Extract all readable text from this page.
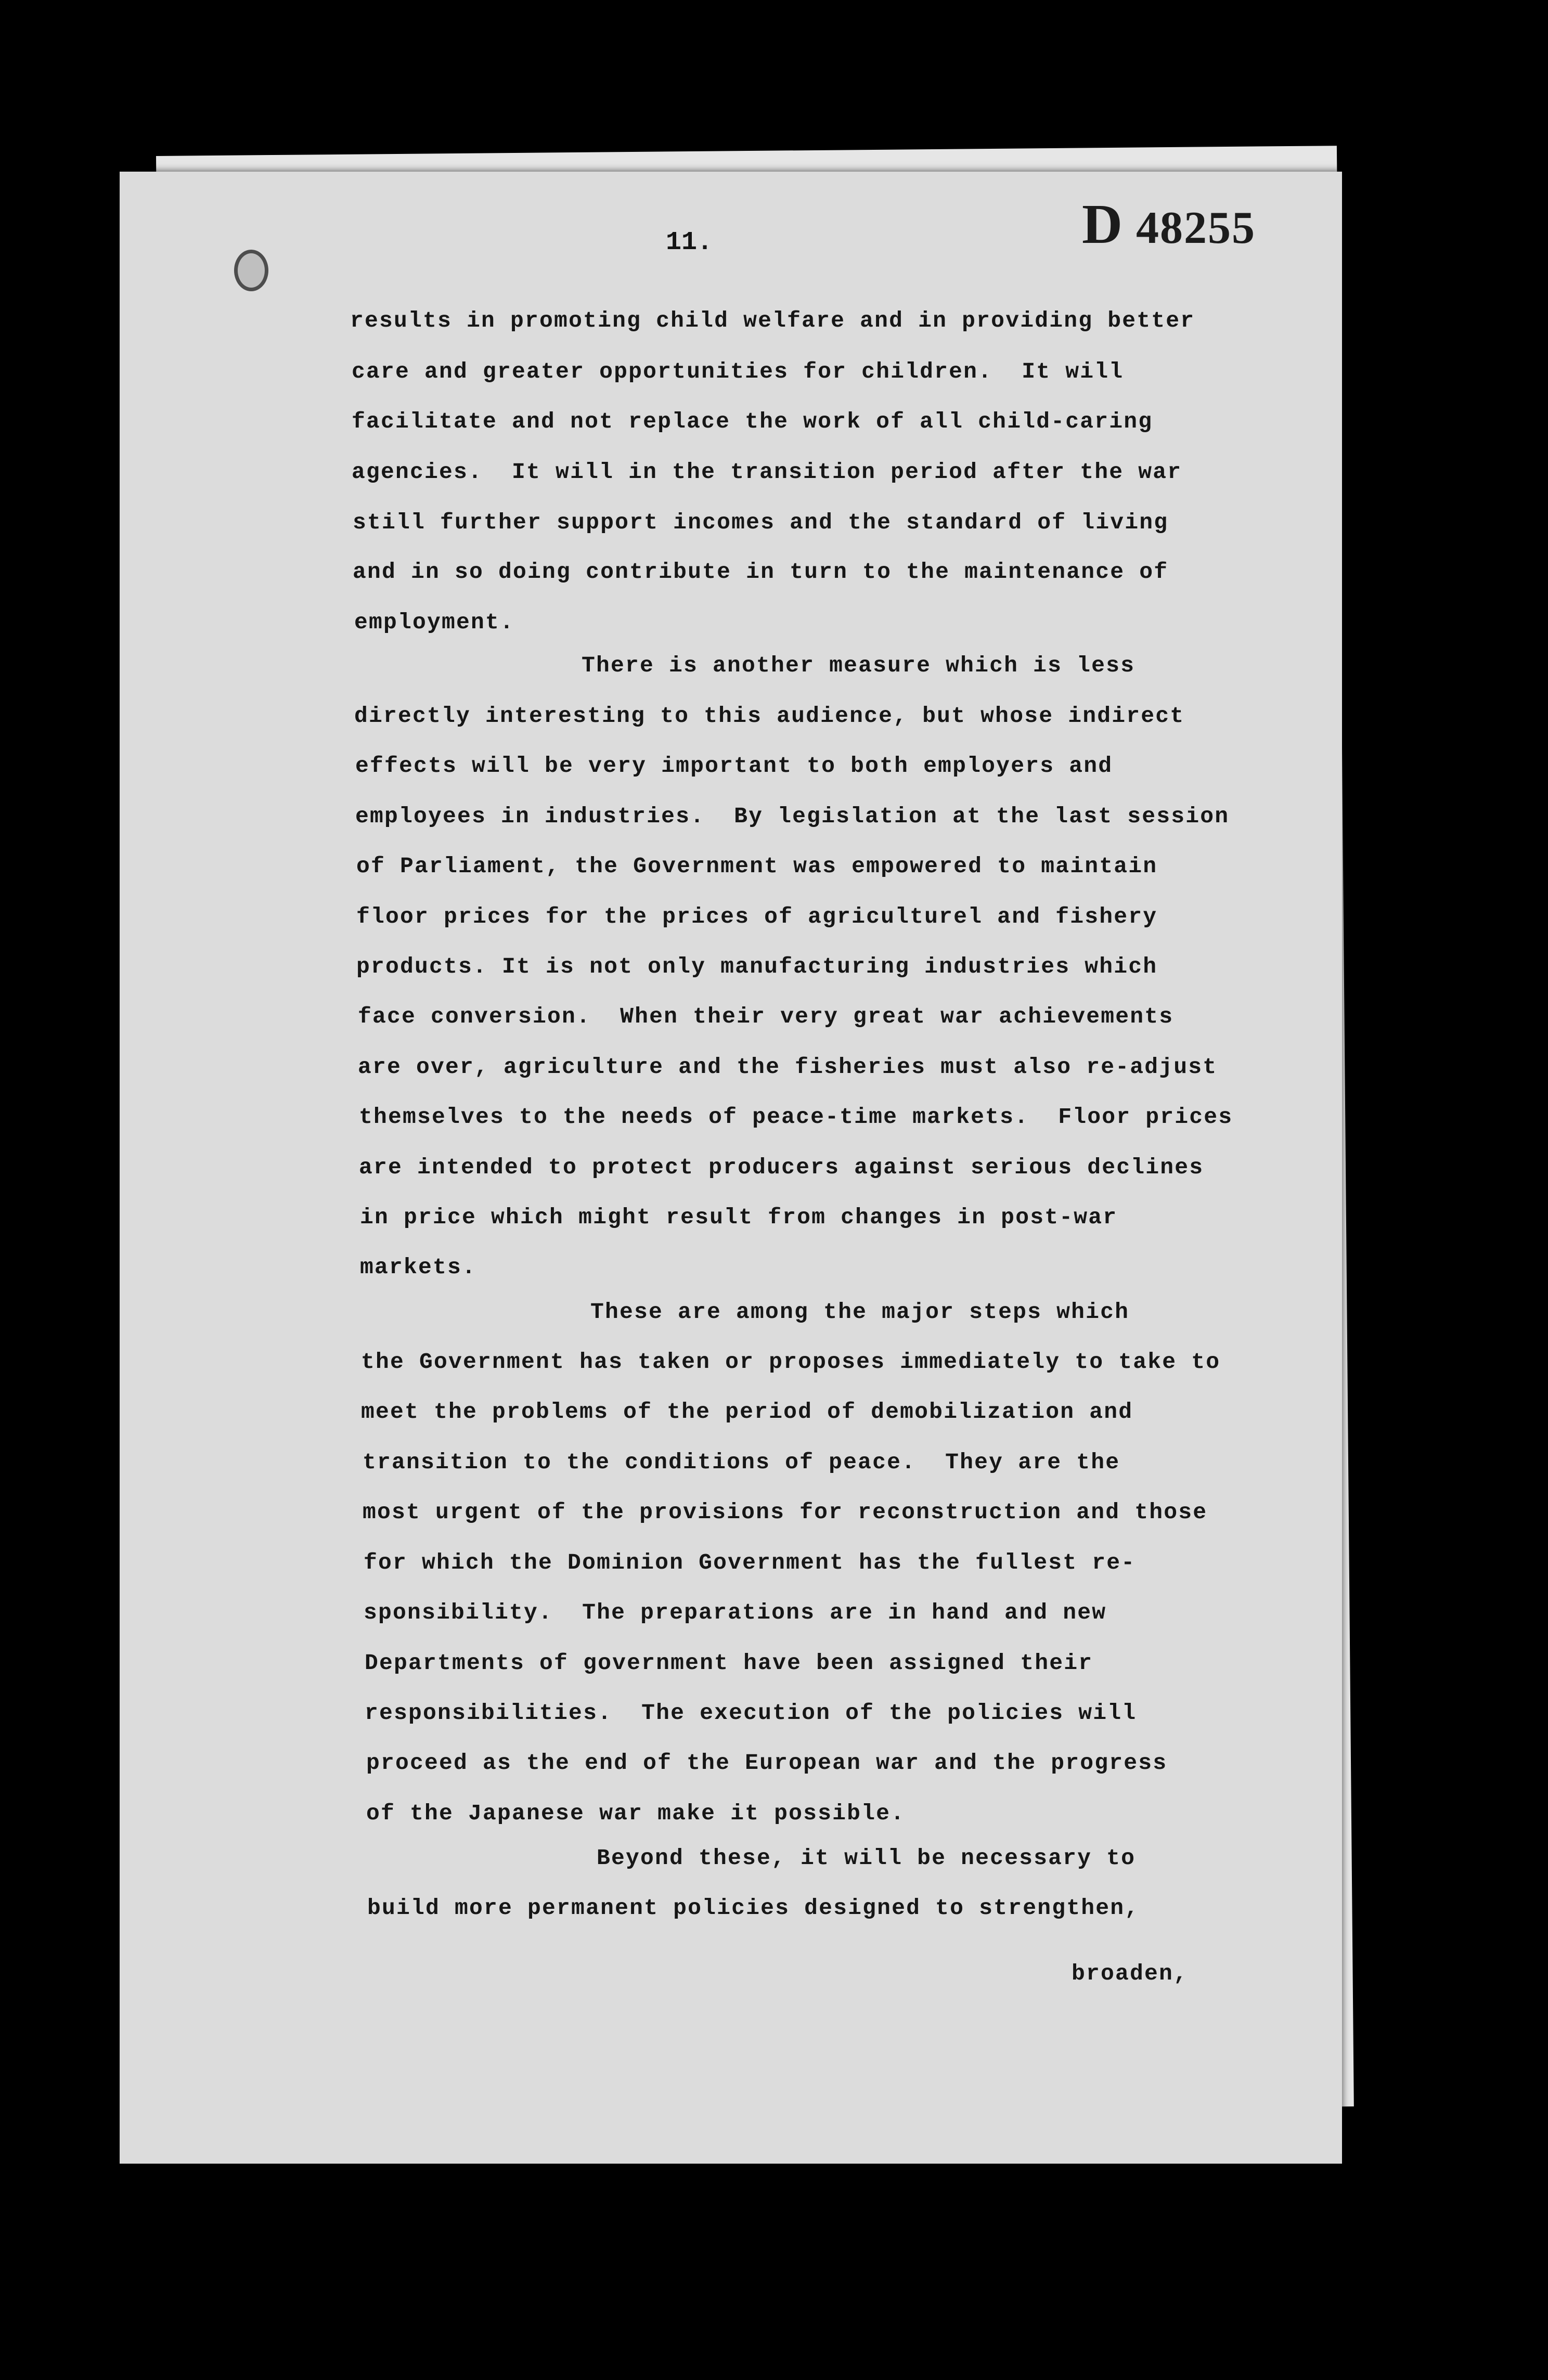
11.	D 48255
results in promoting child welfare and in providing better
care and greater opportunities for children.  It will
facilitate and not replace the work of all child-caring
agencies.  It will in the transition period after the war
still further support incomes and the standard of living
and in so doing contribute in turn to the maintenance of
employment.
There is another measure which is less
directly interesting to this audience, but whose indirect
effects will be very important to both employers and
employees in industries.  By legislation at the last session
of Parliament, the Government was empowered to maintain
floor prices for the prices of agriculturel and fishery
products. It is not only manufacturing industries which
face conversion.  When their very great war achievements
are over, agriculture and the fisheries must also re-adjust
themselves to the needs of peace-time markets.  Floor prices
are intended to protect producers against serious declines
in price which might result from changes in post-war
markets.
These are among the major steps which
the Government has taken or proposes immediately to take to
meet the problems of the period of demobilization and
transition to the conditions of peace.  They are the
most urgent of the provisions for reconstruction and those
for which the Dominion Government has the fullest re-
sponsibility.  The preparations are in hand and new
Departments of government have been assigned their
responsibilities.  The execution of the policies will
proceed as the end of the European war and the progress
of the Japanese war make it possible.
Beyond these, it will be necessary to
build more permanent policies designed to strengthen,
broaden,
